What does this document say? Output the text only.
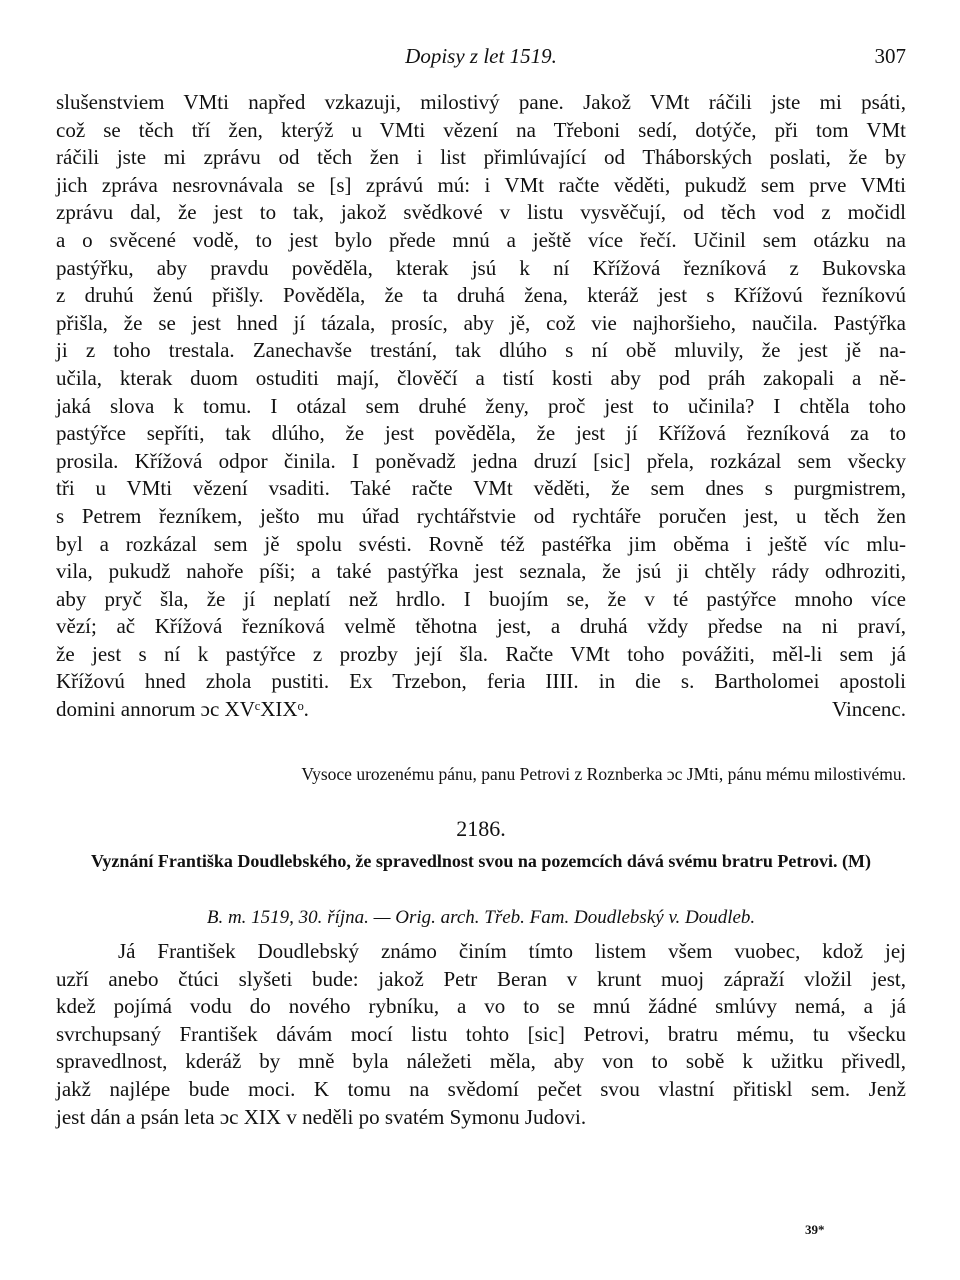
Dopisy z let 1519.	307
slušenstviem VMti napřed vzkazuji, milostivý pane. Jakož VMt ráčili jste mi psáti,
což se těch tří žen, kterýž u VMti vězení na Třeboni sedí, dotýče, při tom VMt
ráčili jste mi zprávu od těch žen i list přimlúvající od Tháborských poslati, že by
jich zpráva nesrovnávala se [s] zprávú mú: i VMt račte věděti, pukudž sem prve VMti
zprávu dal, že jest to tak, jakož svědkové v listu vysvěčují, od těch vod z močidl
a o svěcené vodě, to jest bylo přede mnú a ještě více řečí. Učinil sem otázku na
pastýřku, aby pravdu pověděla, kterak jsú k ní Křížová řezníková z Bukovska
z druhú ženú přišly. Pověděla, že ta druhá žena, kteráž jest s Křížovú řezníkovú
přišla, že se jest hned jí tázala, prosíc, aby jě, což vie najhoršieho, naučila. Pastýřka
ji z toho trestala. Zanechavše trestání, tak dlúho s ní obě mluvily, že jest jě na-
učila, kterak duom ostuditi mají, člověčí a tistí kosti aby pod práh zakopali a ně-
jaká slova k tomu. I otázal sem druhé ženy, proč jest to učinila? I chtěla toho
pastýřce sepříti, tak dlúho, že jest pověděla, že jest jí Křížová řezníková za to
prosila. Křížová odpor činila. I poněvadž jedna druzí [sic] přela, rozkázal sem všecky
tři u VMti vězení vsaditi. Také račte VMt věděti, že sem dnes s purgmistrem,
s Petrem řezníkem, ješto mu úřad rychtářstvie od rychtáře poručen jest, u těch žen
byl a rozkázal sem jě spolu svésti. Rovně též pastéřka jim oběma i ještě víc mlu-
vila, pukudž nahoře píši; a také pastýřka jest seznala, že jsú ji chtěly rády odhroziti,
aby pryč šla, že jí neplatí než hrdlo. I buojím se, že v té pastýřce mnoho více
vězí; ač Křížová řezníková velmě těhotna jest, a druhá vždy předse na ni praví,
že jest s ní k pastýřce z prozby její šla. Račte VMt toho povážiti, měl-li sem já
Křížovú hned zhola pustiti. Ex Trzebon, feria IIII. in die s. Bartholomei apostoli
domini annorum ɔc XVᶜXIXᵒ.	Vincenc.
Vysoce urozenému pánu, panu Petrovi z Roznberka ɔc JMti, pánu mému milostivému.
2186.
Vyznání Františka Doudlebského, že spravedlnost svou na pozemcích dává svému bratru Petrovi. (M)
B. m. 1519, 30. října. — Orig. arch. Třeb. Fam. Doudlebský v. Doudleb.
Já František Doudlebský známo činím tímto listem všem vuobec, kdož jej
uzří anebo čtúci slyšeti bude: jakož Petr Beran v krunt muoj zápraží vložil jest,
kdež pojímá vodu do nového rybníku, a vo to se mnú žádné smlúvy nemá, a já
svrchupsaný František dávám mocí listu tohto [sic] Petrovi, bratru mému, tu všecku
spravedlnost, kderáž by mně byla náležeti měla, aby von to sobě k užitku přivedl,
jakž najlépe bude moci. K tomu na svědomí pečet svou vlastní přitiskl sem. Jenž
jest dán a psán leta ɔc XIX v neděli po svatém Symonu Judovi.
39*
